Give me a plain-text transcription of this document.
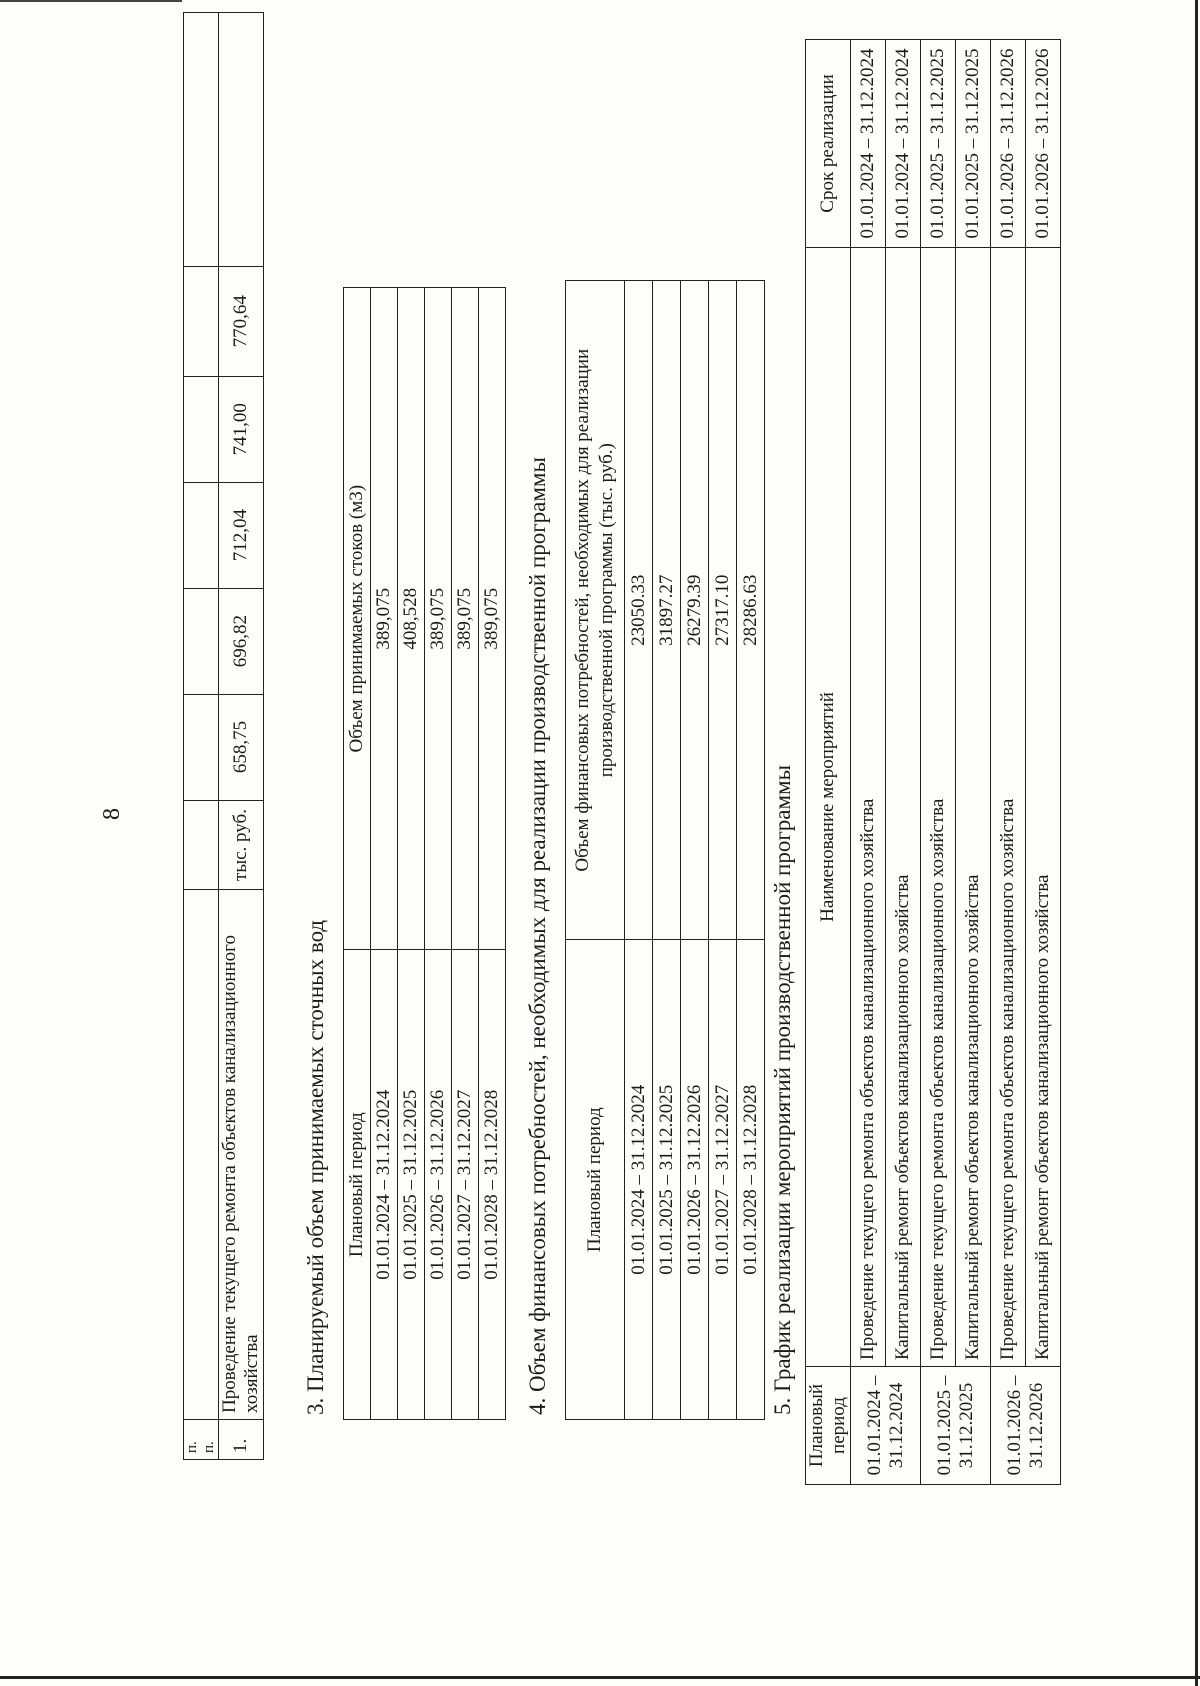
8
п. п.								
1.	Проведение текущего ремонта объектов канализационного хозяйства	тыс. руб.	658,75	696,82	712,04	741,00	770,64	
3. Планируемый объем принимаемых сточных вод Плановый период	Объем принимаемых стоков (м3)
01.01.2024 – 31.12.2024	389,075
01.01.2025 – 31.12.2025	408,528
01.01.2026 – 31.12.2026	389,075
01.01.2027 – 31.12.2027	389,075
01.01.2028 – 31.12.2028	389,075 4. Объем финансовых потребностей, необходимых для реализации производственной программы Плановый период	Объем финансовых потребностей, необходимых для реализации производственной программы (тыс. руб.)
01.01.2024 – 31.12.2024	23050.33
01.01.2025 – 31.12.2025	31897.27
01.01.2026 – 31.12.2026	26279.39
01.01.2027 – 31.12.2027	27317.10
01.01.2028 – 31.12.2028	28286.63
5. График реализации мероприятий производственной программы
Плановый период	Наименование мероприятий	Срок реализации
01.01.2024 – 31.12.2024	Проведение текущего ремонта объектов канализационного хозяйства	01.01.2024 – 31.12.2024
	Капитальный ремонт объектов канализационного хозяйства	01.01.2024 – 31.12.2024
01.01.2025 – 31.12.2025	Проведение текущего ремонта объектов канализационного хозяйства	01.01.2025 – 31.12.2025
	Капитальный ремонт объектов канализационного хозяйства	01.01.2025 – 31.12.2025
01.01.2026 – 31.12.2026	Проведение текущего ремонта объектов канализационного хозяйства	01.01.2026 – 31.12.2026
	Капитальный ремонт объектов канализационного хозяйства	01.01.2026 – 31.12.2026
